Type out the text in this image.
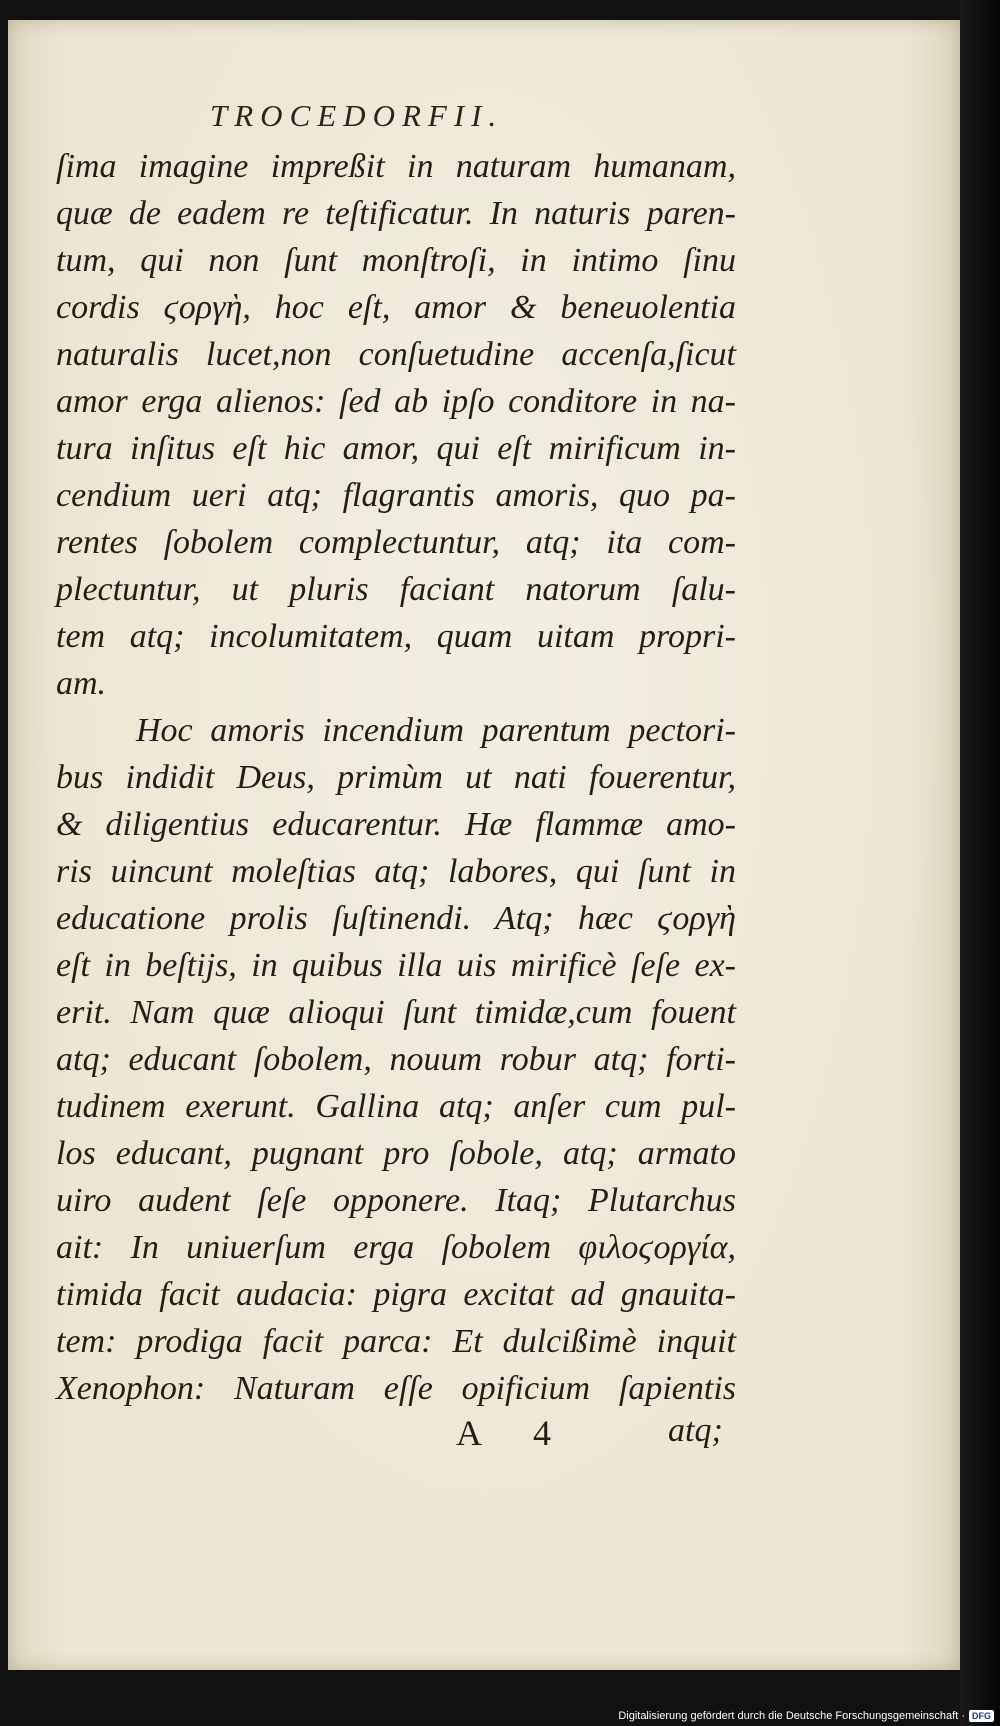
TROCEDORFII.

ſima imagine impreßit in naturam humanam,
quæ de eadem re teſtificatur. In naturis paren-
tum, qui non ſunt monſtroſi, in intimo ſinu
cordis ϛοργὴ, hoc eſt, amor & beneuolentia
naturalis lucet,non conſuetudine accenſa,ſicut
amor erga alienos: ſed ab ipſo conditore in na-
tura inſitus eſt hic amor, qui eſt mirificum in-
cendium ueri atq; flagrantis amoris, quo pa-
rentes ſobolem complectuntur, atq; ita com-
plectuntur, ut pluris faciant natorum ſalu-
tem atq; incolumitatem, quam uitam propri-
am.

Hoc amoris incendium parentum pectori-
bus indidit Deus, primùm ut nati fouerentur,
& diligentius educarentur. Hæ flammæ amo-
ris uincunt moleſtias atq; labores, qui ſunt in
educatione prolis ſuſtinendi. Atq; hæc ϛοργὴ
eſt in beſtijs, in quibus illa uis mirificè ſeſe ex-
erit. Nam quæ alioqui ſunt timidæ,cum fouent
atq; educant ſobolem, nouum robur atq; forti-
tudinem exerunt. Gallina atq; anſer cum pul-
los educant, pugnant pro ſobole, atq; armato
uiro audent ſeſe opponere. Itaq; Plutarchus
ait: In uniuerſum erga ſobolem φιλοϛοργία,
timida facit audacia: pigra excitat ad gnauita-
tem: prodiga facit parca: Et dulcißimè inquit
Xenophon: Naturam eſſe opificium ſapientis

A 4	atq;
Digitalisierung gefördert durch die Deutsche Forschungsgemeinschaft · DFG
